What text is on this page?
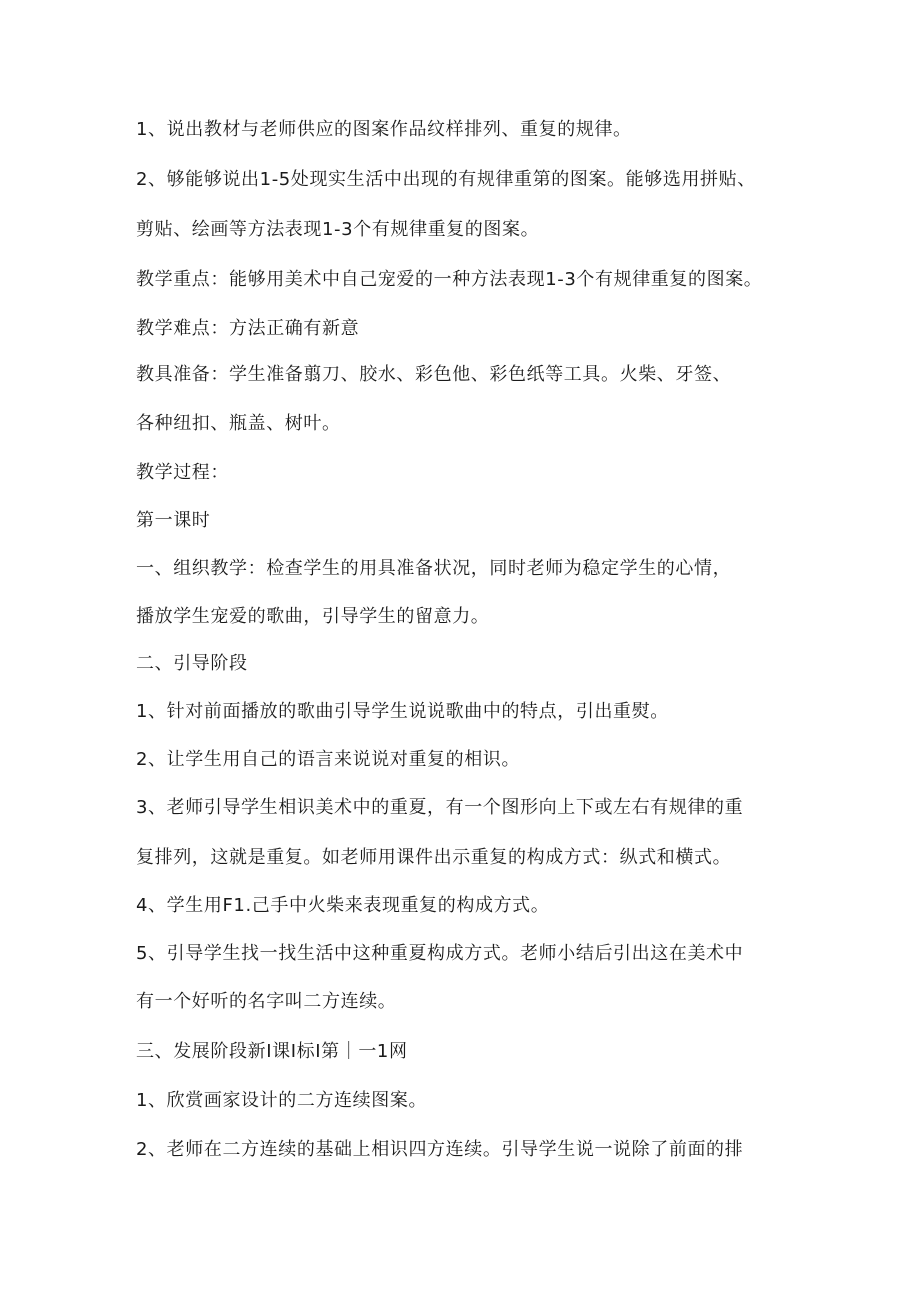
1、说出教材与老师供应的图案作品纹样排列、重复的规律。
2、够能够说出1-5处现实生活中出现的有规律重第的图案。能够选用拼贴、
剪贴、绘画等方法表现1-3个有规律重复的图案。
教学重点：能够用美术中自己宠爱的一种方法表现1-3个有规律重复的图案。
教学难点：方法正确有新意
教具准备：学生准备翦刀、胶水、彩色他、彩色纸等工具。火柴、牙签、
各种纽扣、瓶盖、树叶。
教学过程：
第一课时
一、组织教学：检查学生的用具准备状况，同时老师为稳定学生的心情，
播放学生宠爱的歌曲，引导学生的留意力。
二、引导阶段
1、针对前面播放的歌曲引导学生说说歌曲中的特点，引出重熨。
2、让学生用自己的语言来说说对重复的相识。
3、老师引导学生相识美术中的重夏，有一个图形向上下或左右有规律的重
复排列，这就是重复。如老师用课件出示重复的构成方式：纵式和横式。
4、学生用F1.己手中火柴来表现重复的构成方式。
5、引导学生找一找生活中这种重夏构成方式。老师小结后引出这在美术中
有一个好听的名字叫二方连续。
三、发展阶段新I课I标I第｜一1网
1、欣赏画家设计的二方连续图案。
2、老师在二方连续的基础上相识四方连续。引导学生说一说除了前面的排
